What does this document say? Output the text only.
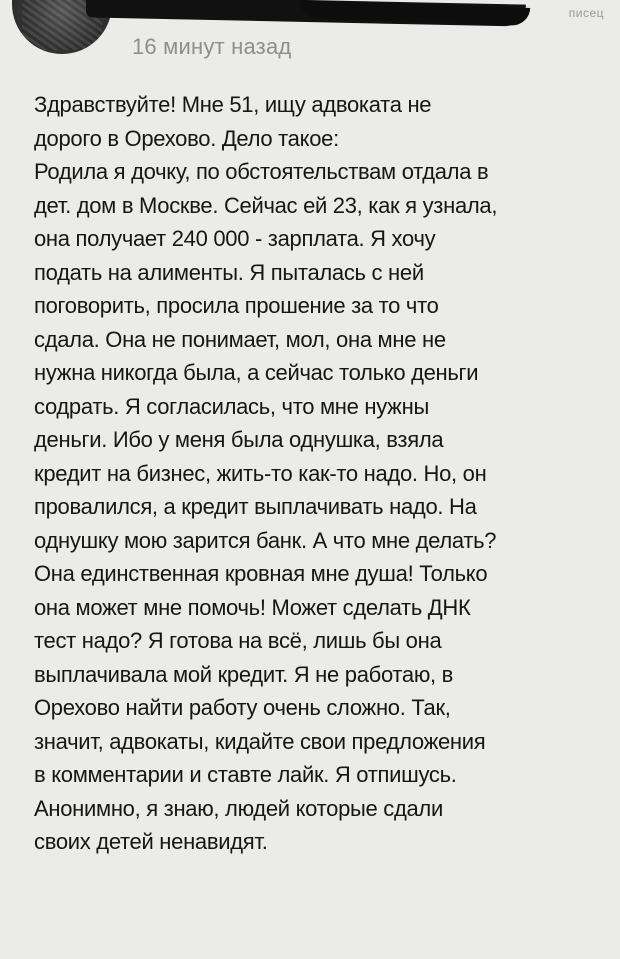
16 минут назад
писец
Здравствуйте! Мне 51, ищу адвоката не
дорого в Орехово. Дело такое:
Родила я дочку, по обстоятельствам отдала в
дет. дом в Москве. Сейчас ей 23, как я узнала,
она получает 240 000 - зарплата. Я хочу
подать на алименты. Я пыталась с ней
поговорить, просила прошение за то что
сдала. Она не понимает, мол, она мне не
нужна никогда была, а сейчас только деньги
содрать. Я согласилась, что мне нужны
деньги. Ибо у меня была однушка, взяла
кредит на бизнес, жить-то как-то надо. Но, он
провалился, а кредит выплачивать надо. На
однушку мою зарится банк. А что мне делать?
Она единственная кровная мне душа! Только
она может мне помочь! Может сделать ДНК
тест надо? Я готова на всё, лишь бы она
выплачивала мой кредит. Я не работаю, в
Орехово найти работу очень сложно. Так,
значит, адвокаты, кидайте свои предложения
в комментарии и ставте лайк. Я отпишусь.
Анонимно, я знаю, людей которые сдали
своих детей ненавидят.
